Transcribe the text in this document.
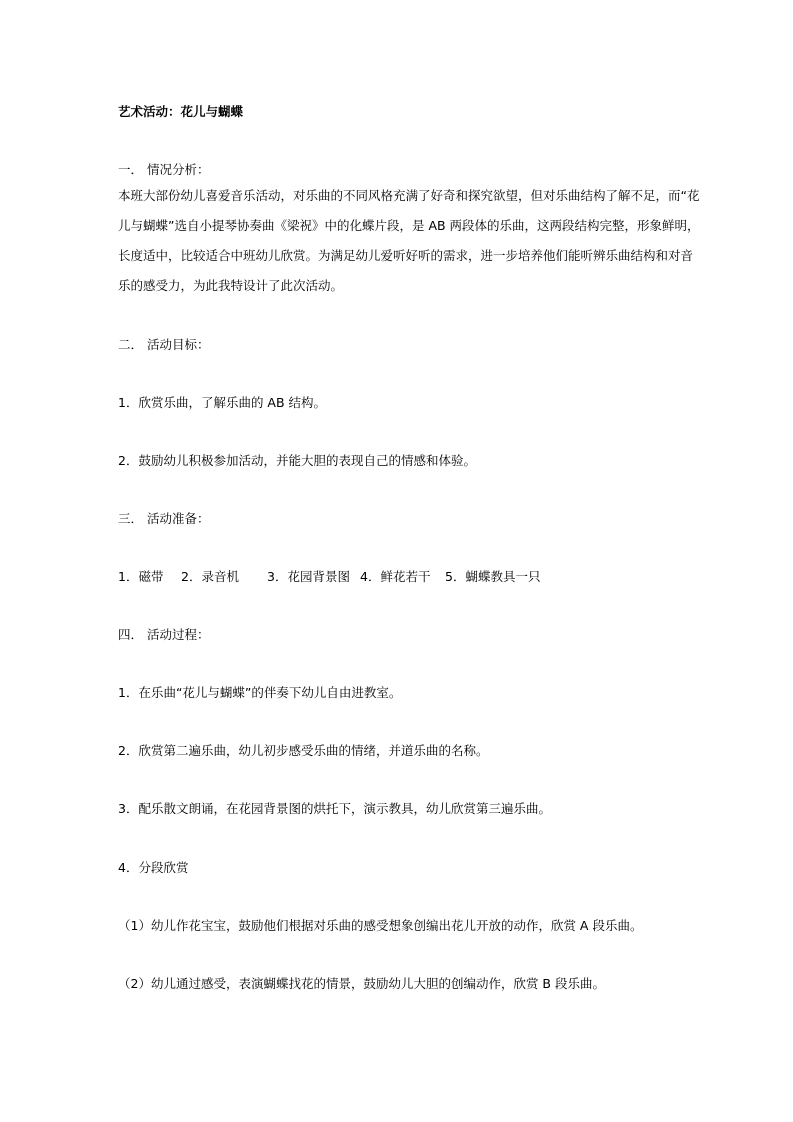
艺术活动：花儿与蝴蝶
一． 情况分析：
本班大部份幼儿喜爱音乐活动，对乐曲的不同风格充满了好奇和探究欲望，但对乐曲结构了解不足，而“花
儿与蝴蝶”选自小提琴协奏曲《梁祝》中的化蝶片段，是 AB 两段体的乐曲，这两段结构完整，形象鲜明，
长度适中，比较适合中班幼儿欣赏。为满足幼儿爱听好听的需求，进一步培养他们能听辨乐曲结构和对音
乐的感受力，为此我特设计了此次活动。
二． 活动目标：
1．欣赏乐曲，了解乐曲的 AB 结构。
2．鼓励幼儿积极参加活动，并能大胆的表现自己的情感和体验。
三． 活动准备：
1．磁带 2．录音机 3．花园背景图 4．鲜花若干 5．蝴蝶教具一只
四． 活动过程：
1．在乐曲“花儿与蝴蝶”的伴奏下幼儿自由进教室。
2．欣赏第二遍乐曲，幼儿初步感受乐曲的情绪，并道乐曲的名称。
3．配乐散文朗诵，在花园背景图的烘托下，演示教具，幼儿欣赏第三遍乐曲。
4．分段欣赏
（1）幼儿作花宝宝，鼓励他们根据对乐曲的感受想象创编出花儿开放的动作，欣赏 A 段乐曲。
（2）幼儿通过感受，表演蝴蝶找花的情景，鼓励幼儿大胆的创编动作，欣赏 B 段乐曲。
